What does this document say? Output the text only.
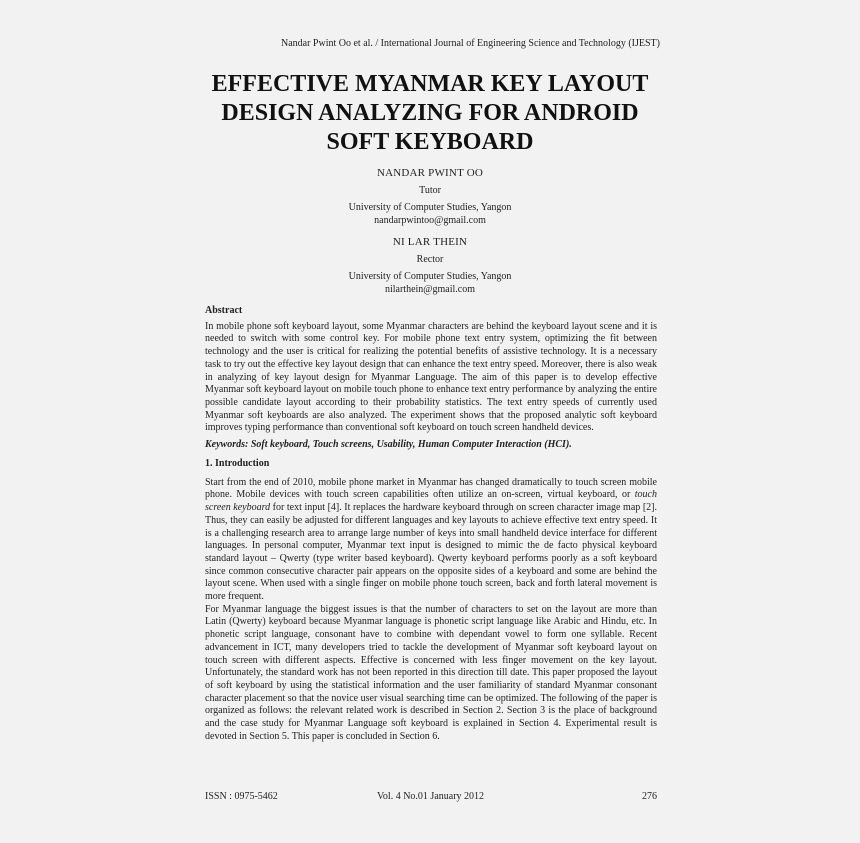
Nandar Pwint Oo et al. / International Journal of Engineering Science and Technology (IJEST)
EFFECTIVE MYANMAR KEY LAYOUT
DESIGN ANALYZING FOR ANDROID
SOFT KEYBOARD
NANDAR PWINT OO
Tutor
University of Computer Studies, Yangon
nandarpwintoo@gmail.com
NI LAR THEIN
Rector
University of Computer Studies, Yangon
nilarthein@gmail.com
Abstract

In mobile phone soft keyboard layout, some Myanmar characters are behind the keyboard layout scene and it is needed to switch with some control key. For mobile phone text entry system, optimizing the fit between technology and the user is critical for realizing the potential benefits of assistive technology. It is a necessary task to try out the effective key layout design that can enhance the text entry speed. Moreover, there is also weak in analyzing of key layout design for Myanmar Language. The aim of this paper is to develop effective Myanmar soft keyboard layout on mobile touch phone to enhance text entry performance by analyzing the entire possible candidate layout according to their probability statistics. The text entry speeds of currently used Myanmar soft keyboards are also analyzed. The experiment shows that the proposed analytic soft keyboard improves typing performance than conventional soft keyboard on touch screen handheld devices.

Keywords: Soft keyboard, Touch screens, Usability, Human Computer Interaction (HCI).
1. Introduction

Start from the end of 2010, mobile phone market in Myanmar has changed dramatically to touch screen mobile phone. Mobile devices with touch screen capabilities often utilize an on-screen, virtual keyboard, or touch screen keyboard for text input [4]. It replaces the hardware keyboard through on screen character image map [2]. Thus, they can easily be adjusted for different languages and key layouts to achieve effective text entry speed. It is a challenging research area to arrange large number of keys into small handheld device interface for different languages. In personal computer, Myanmar text input is designed to mimic the de facto physical keyboard standard layout – Qwerty (type writer based keyboard). Qwerty keyboard performs poorly as a soft keyboard since common consecutive character pair appears on the opposite sides of a keyboard and some are behind the layout scene. When used with a single finger on mobile phone touch screen, back and forth lateral movement is more frequent.

For Myanmar language the biggest issues is that the number of characters to set on the layout are more than Latin (Qwerty) keyboard because Myanmar language is phonetic script language like Arabic and Hindu, etc. In phonetic script language, consonant have to combine with dependant vowel to form one syllable. Recent advancement in ICT, many developers tried to tackle the development of Myanmar soft keyboard layout on touch screen with different aspects. Effective is concerned with less finger movement on the key layout. Unfortunately, the standard work has not been reported in this direction till date. This paper proposed the layout of soft keyboard by using the statistical information and the user familiarity of standard Myanmar consonant character placement so that the novice user visual searching time can be optimized. The following of the paper is organized as follows: the relevant related work is described in Section 2. Section 3 is the place of background and the case study for Myanmar Language soft keyboard is explained in Section 4. Experimental result is devoted in Section 5. This paper is concluded in Section 6.

ISSN : 0975-5462	Vol. 4 No.01 January 2012	276
